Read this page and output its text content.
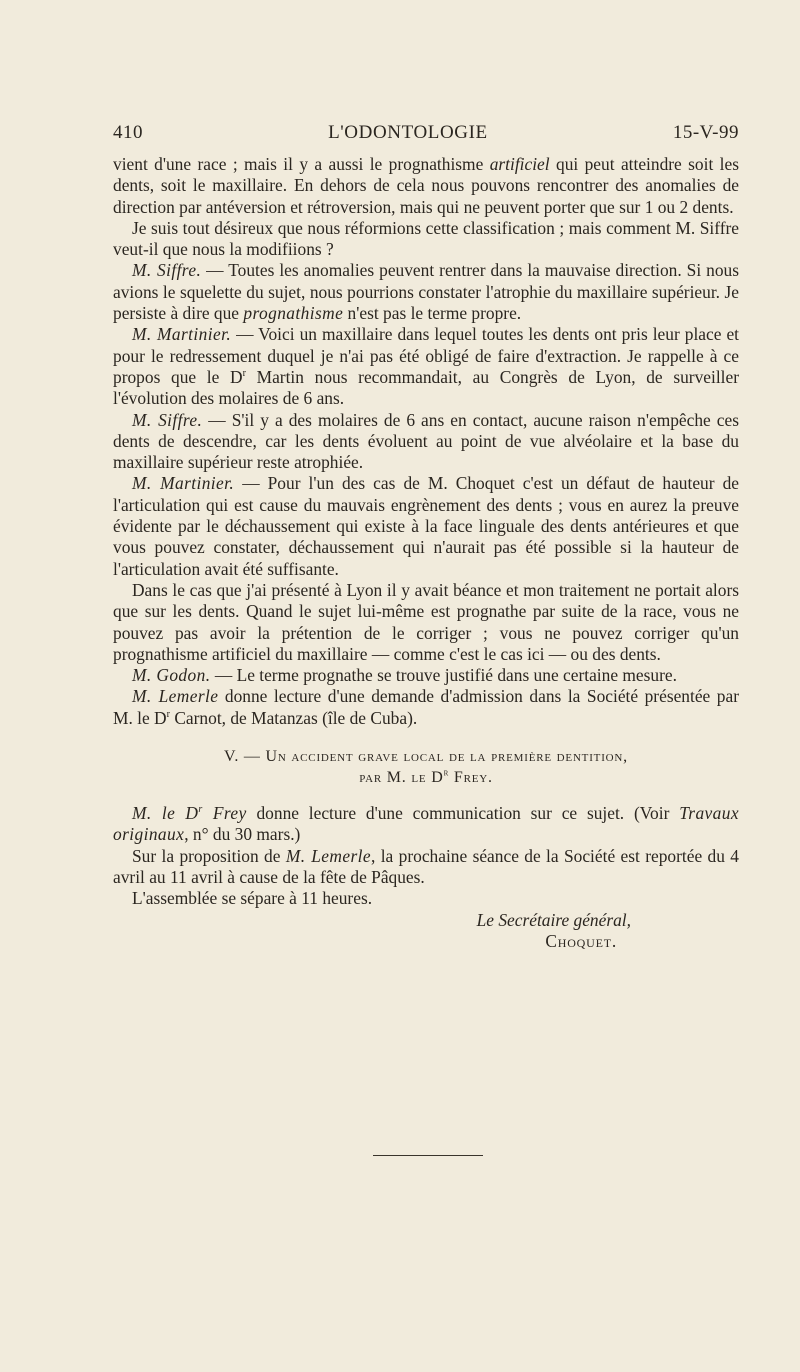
410	L'ODONTOLOGIE	15-V-99

vient d'une race ; mais il y a aussi le prognathisme artificiel qui peut atteindre soit les dents, soit le maxillaire. En dehors de cela nous pouvons rencontrer des anomalies de direction par antéversion et rétroversion, mais qui ne peuvent porter que sur 1 ou 2 dents.

Je suis tout désireux que nous réformions cette classification ; mais comment M. Siffre veut-il que nous la modifiions ?

M. Siffre. — Toutes les anomalies peuvent rentrer dans la mauvaise direction. Si nous avions le squelette du sujet, nous pourrions constater l'atrophie du maxillaire supérieur. Je persiste à dire que prognathisme n'est pas le terme propre.

M. Martinier. — Voici un maxillaire dans lequel toutes les dents ont pris leur place et pour le redressement duquel je n'ai pas été obligé de faire d'extraction. Je rappelle à ce propos que le $D^r$ Martin nous recommandait, au Congrès de Lyon, de surveiller l'évolution des molaires de 6 ans.

M. Siffre. — S'il y a des molaires de 6 ans en contact, aucune raison n'empêche ces dents de descendre, car les dents évoluent au point de vue alvéolaire et la base du maxillaire supérieur reste atrophiée.

M. Martinier. — Pour l'un des cas de M. Choquet c'est un défaut de hauteur de l'articulation qui est cause du mauvais engrènement des dents ; vous en aurez la preuve évidente par le déchaussement qui existe à la face linguale des dents antérieures et que vous pouvez constater, déchaussement qui n'aurait pas été possible si la hauteur de l'articulation avait été suffisante.

Dans le cas que j'ai présenté à Lyon il y avait béance et mon traitement ne portait alors que sur les dents. Quand le sujet lui-même est prognathe par suite de la race, vous ne pouvez pas avoir la prétention de le corriger ; vous ne pouvez corriger qu'un prognathisme artificiel du maxillaire — comme c'est le cas ici — ou des dents.

M. Godon. — Le terme prognathe se trouve justifié dans une certaine mesure.

M. Lemerle donne lecture d'une demande d'admission dans la Société présentée par M. le $D^r$ Carnot, de Matanzas (île de Cuba).

V. — Un accident grave local de la première dentition,
par M. le $D^r$ Frey.

M. le $D^r$ Frey donne lecture d'une communication sur ce sujet. (Voir Travaux originaux, n° du 30 mars.)

Sur la proposition de M. Lemerle, la prochaine séance de la Société est reportée du 4 avril au 11 avril à cause de la fête de Pâques.

L'assemblée se sépare à 11 heures.

Le Secrétaire général,
Choquet.
